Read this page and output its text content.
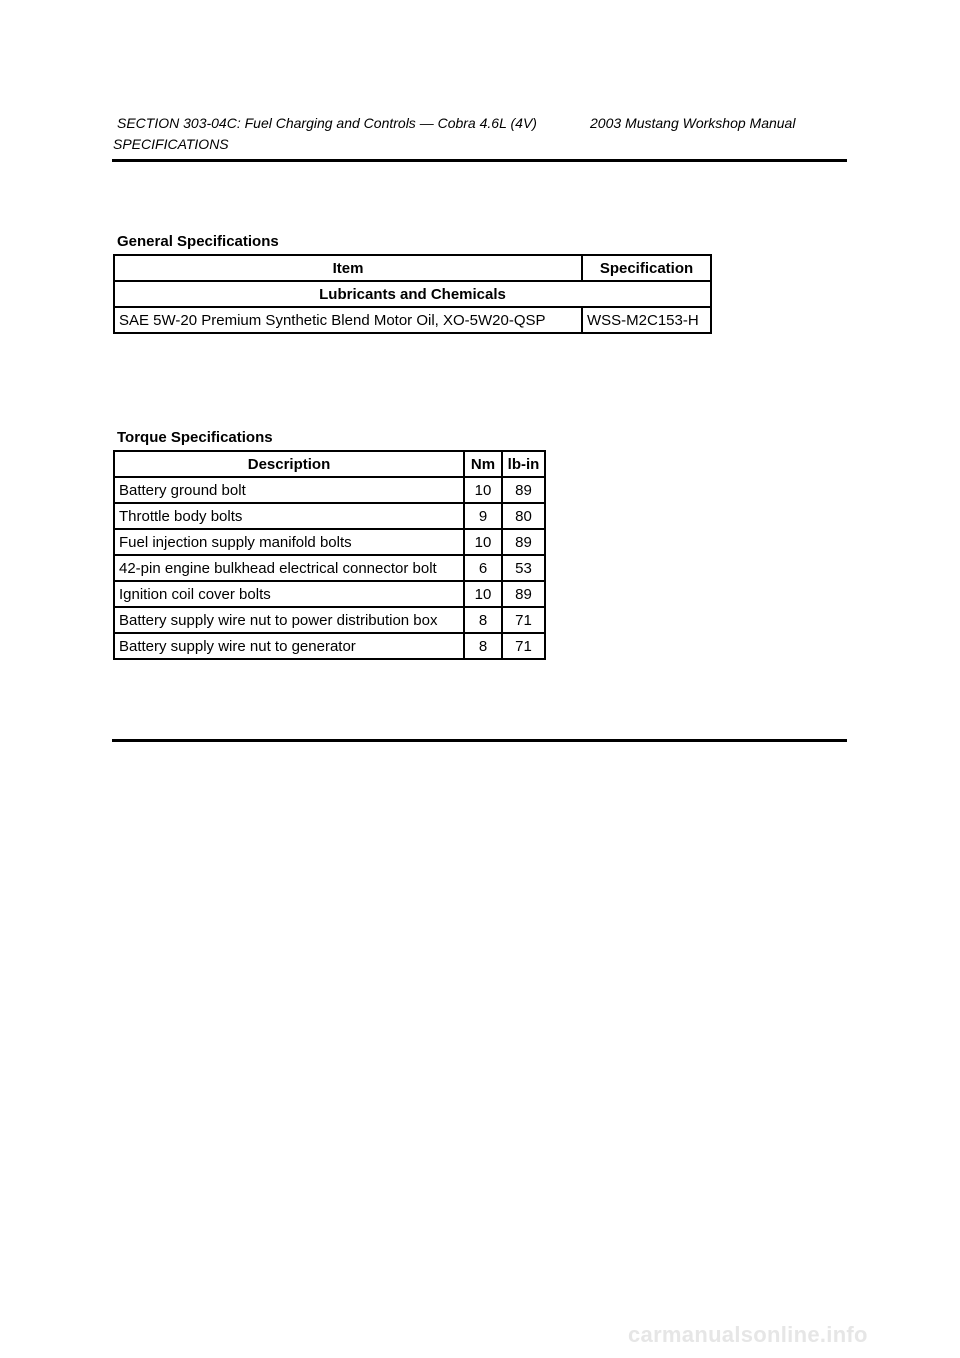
SECTION 303-04C: Fuel Charging and Controls — Cobra 4.6L (4V)	2003 Mustang Workshop Manual
SPECIFICATIONS
General Specifications
Item	Specification
Lubricants and Chemicals	
SAE 5W-20 Premium Synthetic Blend Motor Oil, XO-5W20-QSP	WSS-M2C153-H
Torque Specifications
Description	Nm	lb-in
Battery ground bolt	10	89
Throttle body bolts	9	80
Fuel injection supply manifold bolts	10	89
42-pin engine bulkhead electrical connector bolt	6	53
Ignition coil cover bolts	10	89
Battery supply wire nut to power distribution box	8	71
Battery supply wire nut to generator	8	71
carmanualsonline.info
